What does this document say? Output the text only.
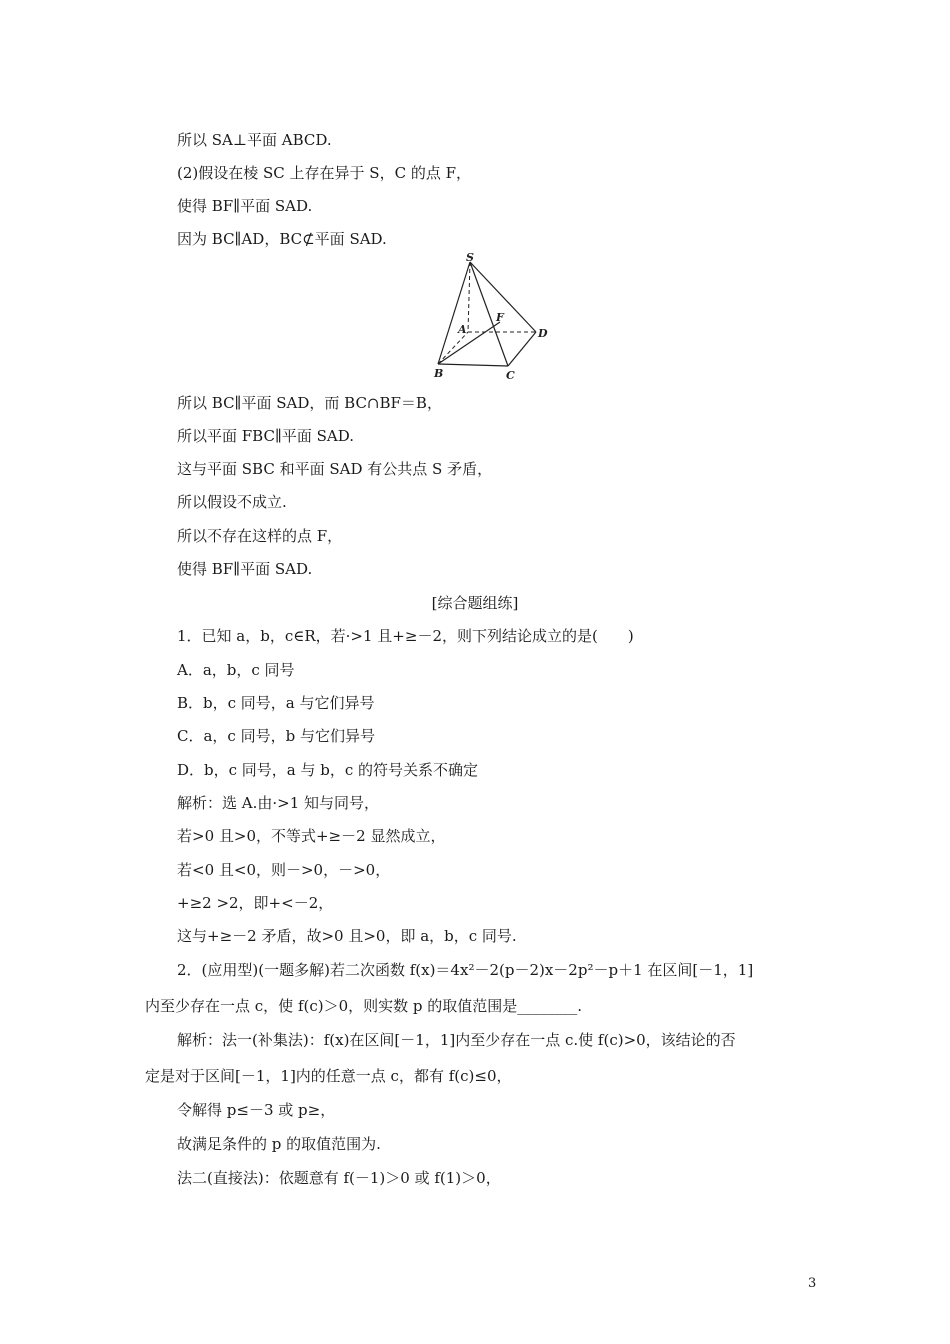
所以 SA⊥平面 ABCD.
(2)假设在棱 SC 上存在异于 S，C 的点 F，
使得 BF∥平面 SAD.
因为 BC∥AD，BC⊄平面 SAD.
S
A
F
D
B	C
所以 BC∥平面 SAD，而 BC∩BF＝B，
所以平面 FBC∥平面 SAD.
这与平面 SBC 和平面 SAD 有公共点 S 矛盾，
所以假设不成立.
所以不存在这样的点 F，
使得 BF∥平面 SAD.
[综合题组练]
1．已知 a，b，c∈R，若·>1 且+≥－2，则下列结论成立的是(　　)
A．a，b，c 同号
B．b，c 同号，a 与它们异号
C．a，c 同号，b 与它们异号
D．b，c 同号，a 与 b，c 的符号关系不确定
解析：选 A.由·>1 知与同号，
若>0 且>0，不等式+≥－2 显然成立，
若<0 且<0，则－>0，－>0，
+≥2 >2，即+<－2，
这与+≥－2 矛盾，故>0 且>0，即 a，b，c 同号.
2．(应用型)(一题多解)若二次函数 f(x)＝4x²－2(p－2)x－2p²－p＋1 在区间[－1，1]
内至少存在一点 c，使 f(c)＞0，则实数 p 的取值范围是________.
解析：法一(补集法)：f(x)在区间[－1，1]内至少存在一点 c.使 f(c)>0，该结论的否
定是对于区间[－1，1]内的任意一点 c，都有 f(c)≤0，
令解得 p≤－3 或 p≥，
故满足条件的 p 的取值范围为.
法二(直接法)：依题意有 f(－1)＞0 或 f(1)＞0，
3
